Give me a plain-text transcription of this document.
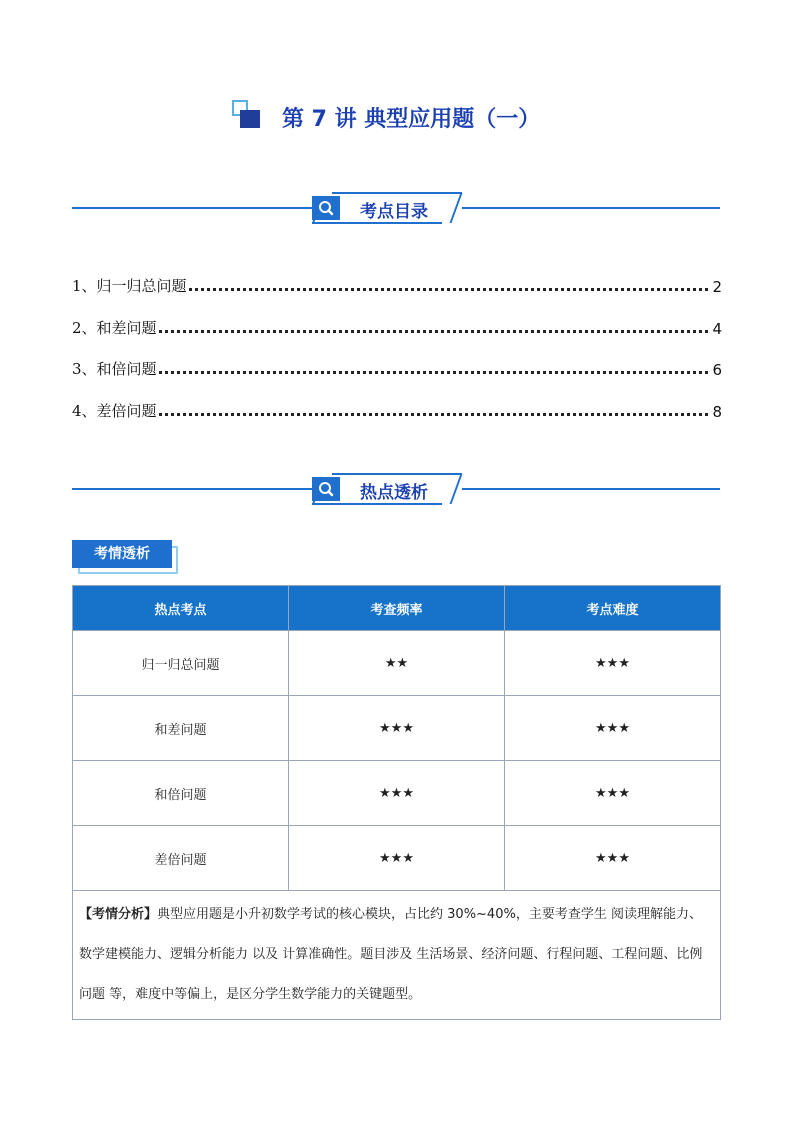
第 7 讲 典型应用题（一）
考点目录
1、归一归总问题	2
2、和差问题	4
3、和倍问题	6
4、差倍问题	8
热点透析
考情透析
热点考点	考查频率	考点难度
归一归总问题	★★	★★★
和差问题	★★★	★★★
和倍问题	★★★	★★★
差倍问题	★★★	★★★
【考情分析】典型应用题是小升初数学考试的核心模块，占比约 30%~40%，主要考查学生 阅读理解能力、数学建模能力、逻辑分析能力 以及 计算准确性。题目涉及 生活场景、经济问题、行程问题、工程问题、比例问题 等，难度中等偏上，是区分学生数学能力的关键题型。		
